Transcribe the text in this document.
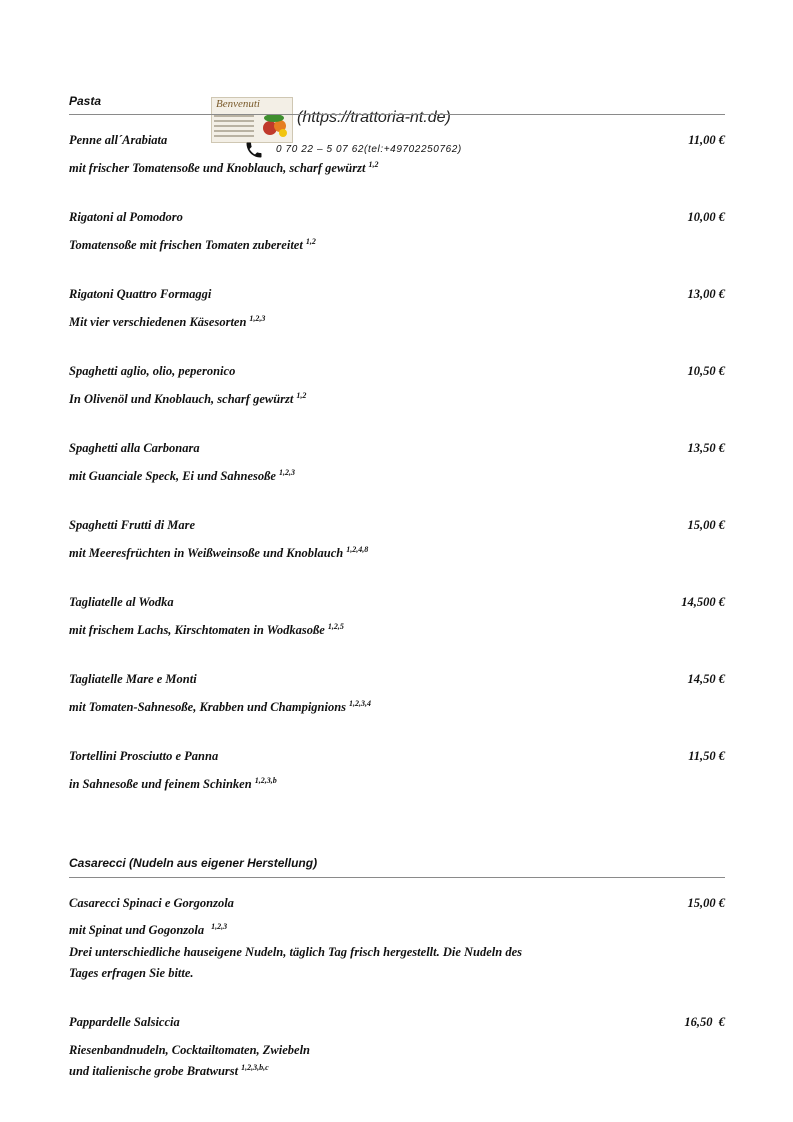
Benvenuti
(https://trattoria-nt.de)
0 70 22 – 5 07 62(tel:+49702250762)
Pasta
Penne all´Arabiata	11,00 €
mit frischer Tomatensoße und Knoblauch, scharf gewürzt $^{1,2}$
Rigatoni al Pomodoro	10,00 €
Tomatensoße mit frischen Tomaten zubereitet $^{1,2}$
Rigatoni Quattro Formaggi	13,00 €
Mit vier verschiedenen Käsesorten $^{1,2,3}$
Spaghetti aglio, olio, peperonico	10,50 €
In Olivenöl und Knoblauch, scharf gewürzt $^{1,2}$
Spaghetti alla Carbonara	13,50 €
mit Guanciale Speck, Ei und Sahnesoße $^{1,2,3}$
Spaghetti Frutti di Mare	15,00 €
mit Meeresfrüchten in Weißweinsoße und Knoblauch $^{1,2,4,8}$
Tagliatelle al Wodka	14,500 €
mit frischem Lachs, Kirschtomaten in Wodkasoße $^{1,2,5}$
Tagliatelle Mare e Monti	14,50 €
mit Tomaten-Sahnesoße, Krabben und Champignions $^{1,2,3,4}$
Tortellini Prosciutto e Panna	11,50 €
in Sahnesoße und feinem Schinken $^{1,2,3,b}$
Casarecci (Nudeln aus eigener Herstellung)
Casarecci Spinaci e Gorgonzola	15,00 €
mit Spinat und Gogonzola $^{1,2,3}$
Drei unterschiedliche hauseigene Nudeln, täglich Tag frisch hergestellt. Die Nudeln des
Tages erfragen Sie bitte.
Pappardelle Salsiccia	16,50  €
Riesenbandnudeln, Cocktailtomaten, Zwiebeln
und italienische grobe Bratwurst $^{1,2,3,b,c}$
